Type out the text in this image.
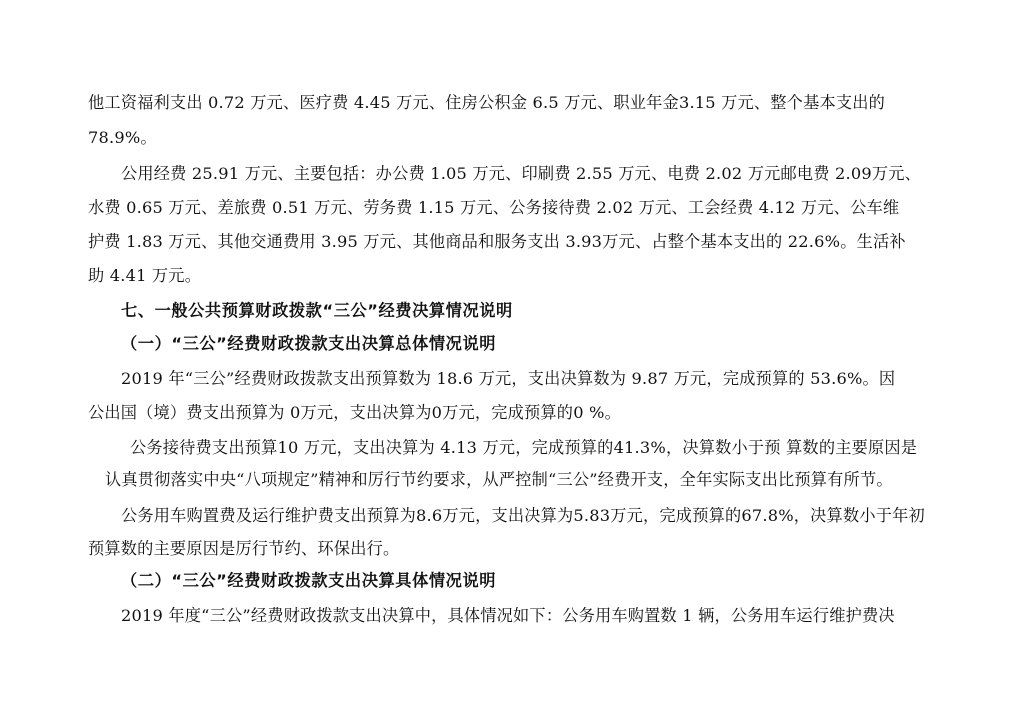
他工资福利支出 0.72 万元、医疗费 4.45 万元、住房公积金 6.5 万元、职业年金3.15 万元、整个基本支出的
78.9%。
公用经费 25.91 万元、主要包括：办公费 1.05 万元、印刷费 2.55 万元、电费 2.02 万元邮电费 2.09万元、
水费 0.65 万元、差旅费 0.51 万元、劳务费 1.15 万元、公务接待费 2.02 万元、工会经费 4.12 万元、公车维
护费 1.83 万元、其他交通费用 3.95 万元、其他商品和服务支出 3.93万元、占整个基本支出的 22.6%。生活补
助 4.41 万元。
七、一般公共预算财政拨款“三公”经费决算情况说明
（一）“三公”经费财政拨款支出决算总体情况说明
2019 年“三公”经费财政拨款支出预算数为 18.6 万元，支出决算数为 9.87 万元，完成预算的 53.6%。因
公出国（境）费支出预算为 0万元，支出决算为0万元，完成预算的0 %。
公务接待费支出预算10 万元，支出决算为 4.13 万元，完成预算的41.3%，决算数小于预 算数的主要原因是
认真贯彻落实中央“八项规定”精神和厉行节约要求，从严控制“三公”经费开支，全年实际支出比预算有所节。
公务用车购置费及运行维护费支出预算为8.6万元，支出决算为5.83万元，完成预算的67.8%，决算数小于年初
预算数的主要原因是厉行节约、环保出行。
（二）“三公”经费财政拨款支出决算具体情况说明
2019 年度“三公”经费财政拨款支出决算中，具体情况如下：公务用车购置数 1 辆，公务用车运行维护费决
